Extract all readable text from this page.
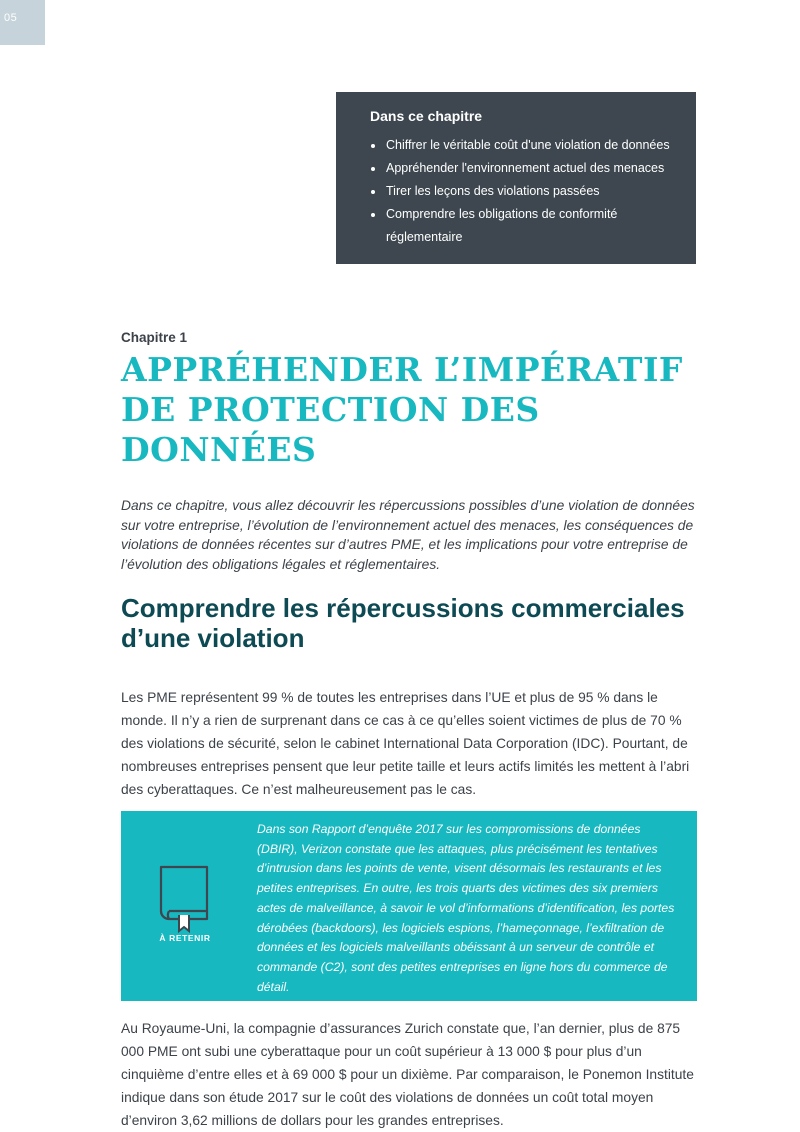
05
Dans ce chapitre
Chiffrer le véritable coût d'une violation de données
Appréhender l'environnement actuel des menaces
Tirer les leçons des violations passées
Comprendre les obligations de conformité réglementaire
Chapitre 1
APPRÉHENDER L’IMPÉRATIF DE PROTECTION DES DONNÉES

Dans ce chapitre, vous allez découvrir les répercussions possibles d’une violation de données sur votre entreprise, l’évolution de l’environnement actuel des menaces, les conséquences de violations de données récentes sur d’autres PME, et les implications pour votre entreprise de l’évolution des obligations légales et réglementaires.

Comprendre les répercussions commerciales d’une violation

Les PME représentent 99 % de toutes les entreprises dans l’UE et plus de 95 % dans le monde. Il n’y a rien de surprenant dans ce cas à ce qu’elles soient victimes de plus de 70 % des violations de sécurité, selon le cabinet International Data Corporation (IDC). Pourtant, de nombreuses entreprises pensent que leur petite taille et leurs actifs limités les mettent à l’abri des cyberattaques. Ce n’est malheureusement pas le cas.

À RETENIR

Dans son Rapport d’enquête 2017 sur les compromissions de données (DBIR), Verizon constate que les attaques, plus précisément les tentatives d’intrusion dans les points de vente, visent désormais les restaurants et les petites entreprises. En outre, les trois quarts des victimes des six premiers actes de malveillance, à savoir le vol d’informations d’identification, les portes dérobées (backdoors), les logiciels espions, l’hameçonnage, l’exfiltration de données et les logiciels malveillants obéissant à un serveur de contrôle et commande (C2), sont des petites entreprises en ligne hors du commerce de détail.

Au Royaume-Uni, la compagnie d’assurances Zurich constate que, l’an dernier, plus de 875 000 PME ont subi une cyberattaque pour un coût supérieur à 13 000 $ pour plus d’un cinquième d’entre elles et à 69 000 $ pour un dixième. Par comparaison, le Ponemon Institute indique dans son étude 2017 sur le coût des violations de données un coût total moyen d’environ 3,62 millions de dollars pour les grandes entreprises.
